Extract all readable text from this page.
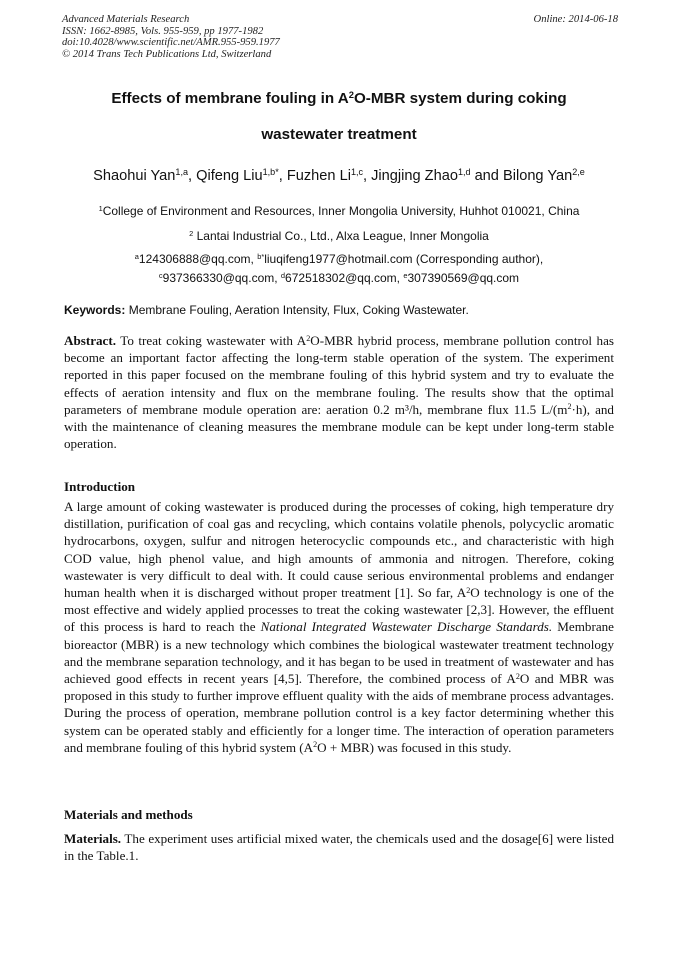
Advanced Materials Research
ISSN: 1662-8985, Vols. 955-959, pp 1977-1982
doi:10.4028/www.scientific.net/AMR.955-959.1977
© 2014 Trans Tech Publications Ltd, Switzerland
Online: 2014-06-18
Effects of membrane fouling in $A^2O$-MBR system during coking
wastewater treatment
Shaohui Yan$^{1,a}$, Qifeng Liu$^{1,b*}$, Fuzhen Li$^{1,c}$, Jingjing Zhao$^{1,d}$ and Bilong Yan$^{2,e}$
$^1$College of Environment and Resources, Inner Mongolia University, Huhhot 010021, China
$^2$ Lantai Industrial Co., Ltd., Alxa League, Inner Mongolia
$^a$124306888@qq.com, $^{b*}$liuqifeng1977@hotmail.com (Corresponding author),
$^c$937366330@qq.com, $^d$672518302@qq.com, $^e$307390569@qq.com
Keywords: Membrane Fouling, Aeration Intensity, Flux, Coking Wastewater.

Abstract. To treat coking wastewater with $A^2O$-MBR hybrid process, membrane pollution control has become an important factor affecting the long-term stable operation of the system. The experiment reported in this paper focused on the membrane fouling of this hybrid system and try to evaluate the effects of aeration intensity and flux on the membrane fouling. The results show that the optimal parameters of membrane module operation are: aeration 0.2 m³/h, membrane flux 11.5 $L/(m^2\cdot h)$, and with the maintenance of cleaning measures the membrane module can be kept under long-term stable operation.

Introduction

A large amount of coking wastewater is produced during the processes of coking, high temperature dry distillation, purification of coal gas and recycling, which contains volatile phenols, polycyclic aromatic hydrocarbons, oxygen, sulfur and nitrogen heterocyclic compounds etc., and characteristic with high COD value, high phenol value, and high amounts of ammonia and nitrogen. Therefore, coking wastewater is very difficult to deal with. It could cause serious environmental problems and endanger human health when it is discharged without proper treatment [1]. So far, $A^2O$ technology is one of the most effective and widely applied processes to treat the coking wastewater [2,3]. However, the effluent of this process is hard to reach the National Integrated Wastewater Discharge Standards. Membrane bioreactor (MBR) is a new technology which combines the biological wastewater treatment technology and the membrane separation technology, and it has began to be used in treatment of wastewater and has achieved good effects in recent years [4,5]. Therefore, the combined process of $A^2O$ and MBR was proposed in this study to further improve effluent quality with the aids of membrane process advantages. During the process of operation, membrane pollution control is a key factor determining whether this system can be operated stably and efficiently for a longer time. The interaction of operation parameters and membrane fouling of this hybrid system $(A^2O + MBR)$ was focused in this study.

Materials and methods

Materials. The experiment uses artificial mixed water, the chemicals used and the dosage[6] were listed in the Table.1.
